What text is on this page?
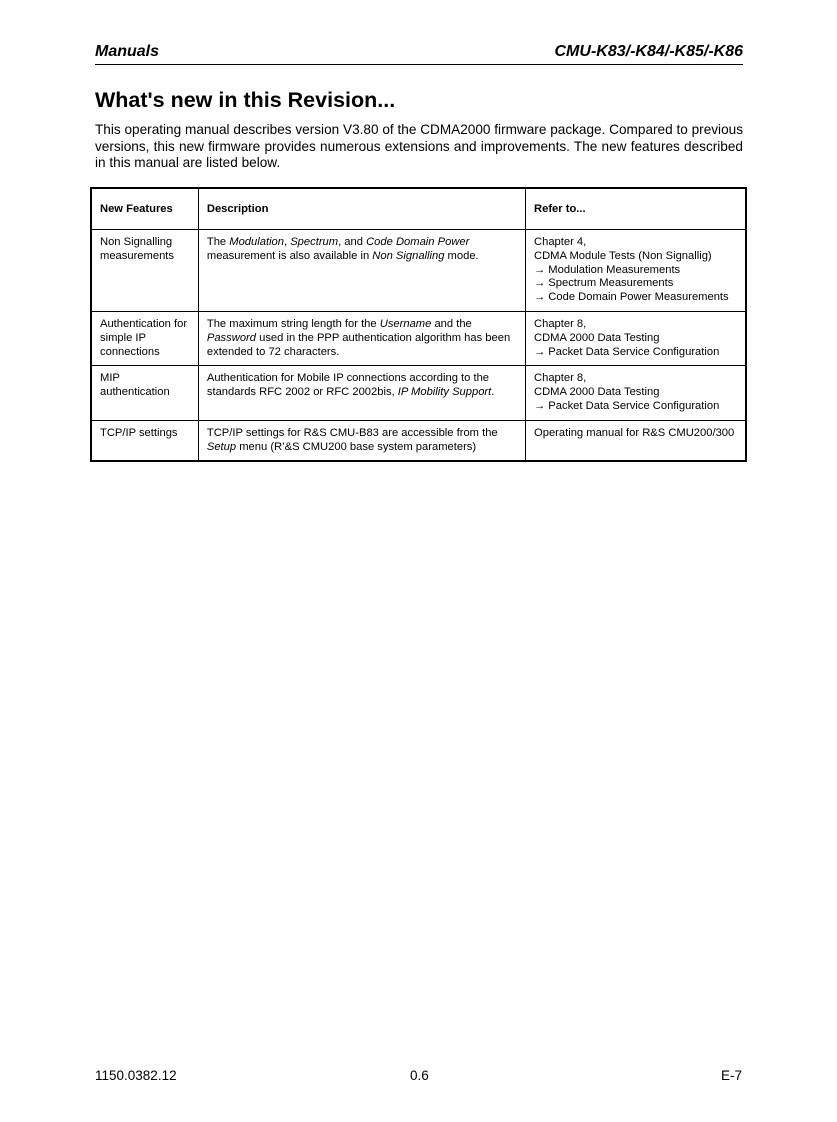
Manuals	CMU-K83/-K84/-K85/-K86
What's new in this Revision...

This operating manual describes version V3.80 of the CDMA2000 firmware package. Compared to previous versions, this new firmware provides numerous extensions and improvements. The new features described in this manual are listed below.

New Features	Description	Refer to...
Non Signalling measurements	The Modulation, Spectrum, and Code Domain Power measurement is also available in Non Signalling mode.	Chapter 4,
CDMA Module Tests (Non Signallig)
→ Modulation Measurements
→ Spectrum Measurements
→ Code Domain Power Measurements

Authentication for simple IP connections	The maximum string length for the Username and the Password used in the PPP authentication algorithm has been extended to 72 characters.	Chapter 8,
CDMA 2000 Data Testing
→ Packet Data Service Configuration

MIP authentication	Authentication for Mobile IP connections according to the standards RFC 2002 or RFC 2002bis, IP Mobility Support.	Chapter 8,
CDMA 2000 Data Testing
→ Packet Data Service Configuration

TCP/IP settings	TCP/IP settings for R&S CMU-B83 are accessible from the Setup menu (R’&S CMU200 base system parameters)	Operating manual for R&S CMU200/300
1150.0382.12	0.6	E-7
